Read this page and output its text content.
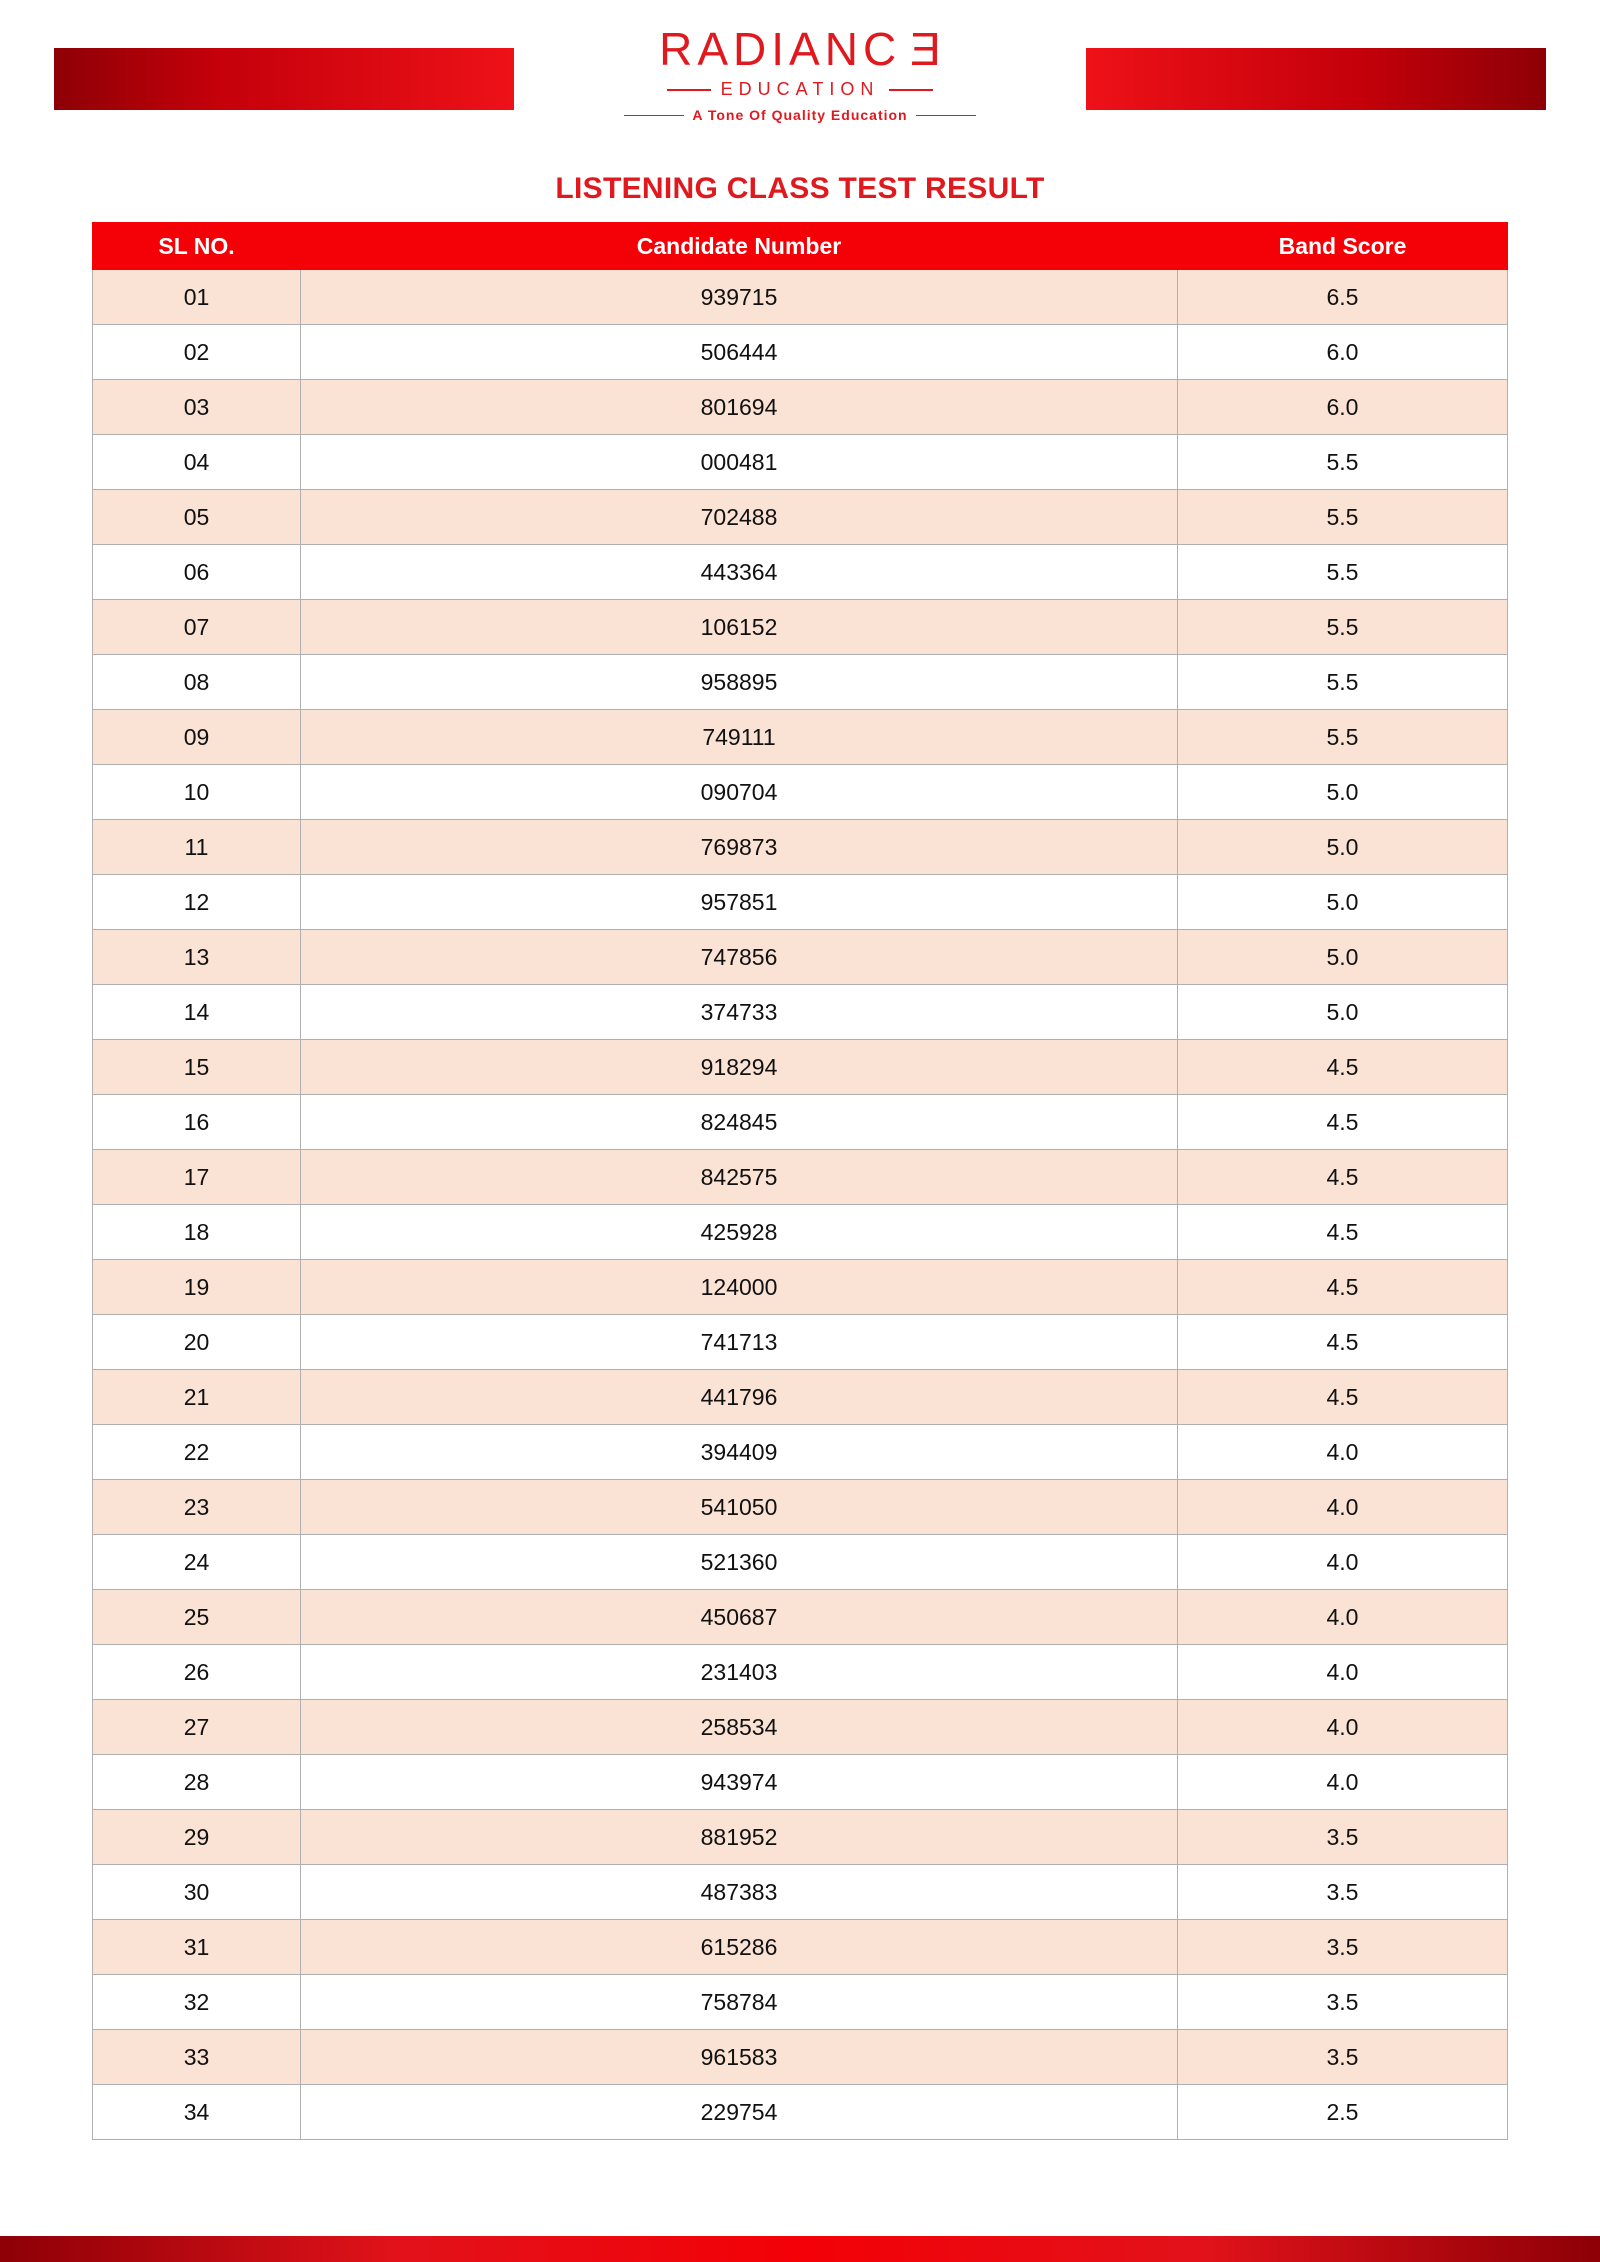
RADIANC E
EDUCATION
A Tone Of Quality Education
LISTENING CLASS TEST RESULT
SL NO.	Candidate Number	Band Score
01	939715	6.5
02	506444	6.0
03	801694	6.0
04	000481	5.5
05	702488	5.5
06	443364	5.5
07	106152	5.5
08	958895	5.5
09	749111	5.5
10	090704	5.0
11	769873	5.0
12	957851	5.0
13	747856	5.0
14	374733	5.0
15	918294	4.5
16	824845	4.5
17	842575	4.5
18	425928	4.5
19	124000	4.5
20	741713	4.5
21	441796	4.5
22	394409	4.0
23	541050	4.0
24	521360	4.0
25	450687	4.0
26	231403	4.0
27	258534	4.0
28	943974	4.0
29	881952	3.5
30	487383	3.5
31	615286	3.5
32	758784	3.5
33	961583	3.5
34	229754	2.5
